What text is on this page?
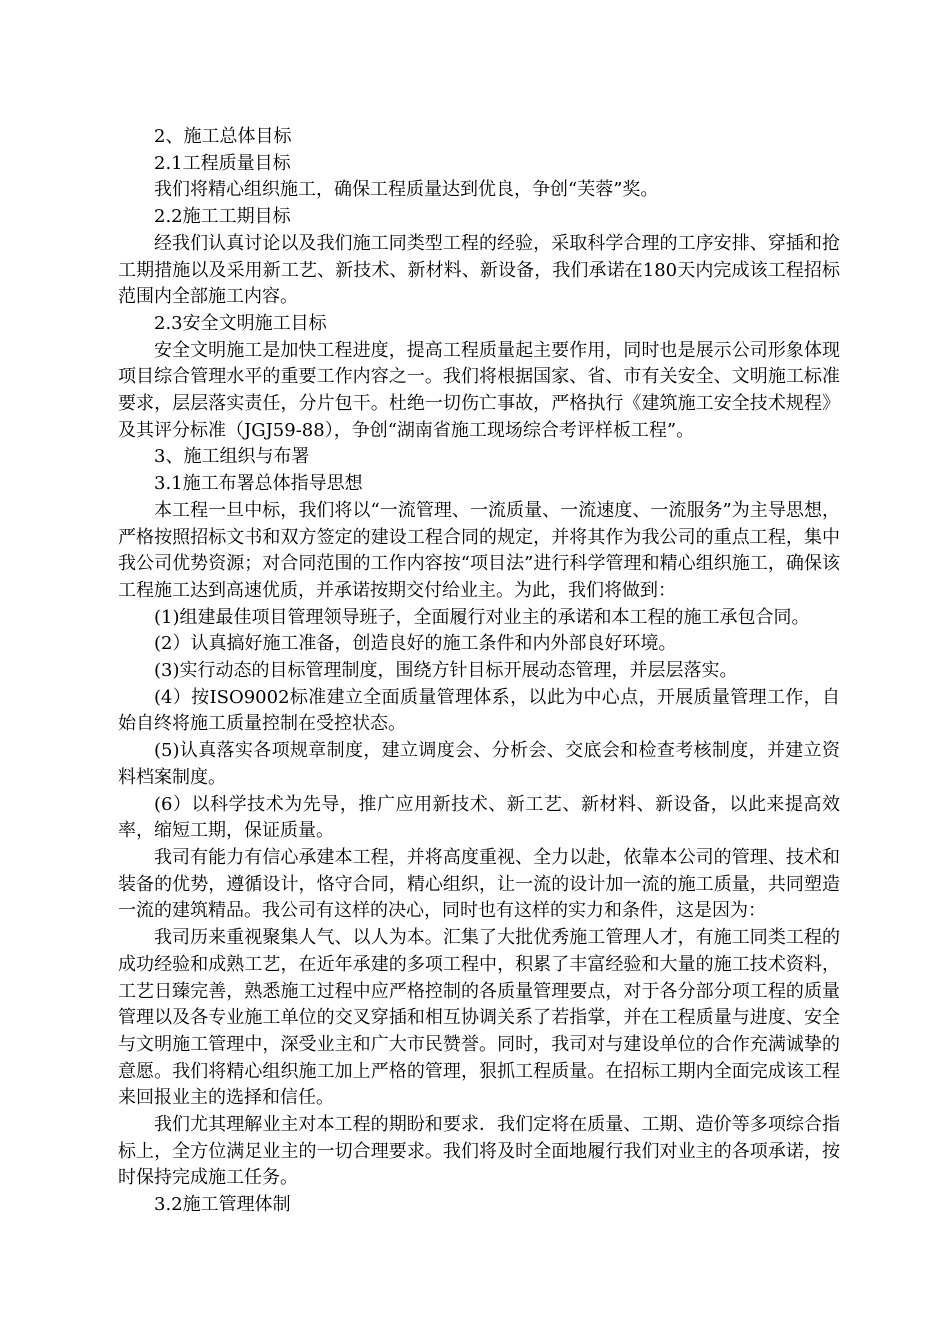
2、施工总体目标

2.1工程质量目标

我们将精心组织施工，确保工程质量达到优良，争创“芙蓉”奖。

2.2施工工期目标

经我们认真讨论以及我们施工同类型工程的经验，采取科学合理的工序安排、穿插和抢工期措施以及采用新工艺、新技术、新材料、新设备，我们承诺在180天内完成该工程招标范围内全部施工内容。

2.3安全文明施工目标

安全文明施工是加快工程进度，提高工程质量起主要作用，同时也是展示公司形象体现项目综合管理水平的重要工作内容之一。我们将根据国家、省、市有关安全、文明施工标准要求，层层落实责任，分片包干。杜绝一切伤亡事故，严格执行《建筑施工安全技术规程》及其评分标准（JGJ59-88），争创“湖南省施工现场综合考评样板工程”。

3、施工组织与布署

3.1施工布署总体指导思想

本工程一旦中标，我们将以“一流管理、一流质量、一流速度、一流服务”为主导思想，严格按照招标文书和双方签定的建设工程合同的规定，并将其作为我公司的重点工程，集中我公司优势资源；对合同范围的工作内容按“项目法”进行科学管理和精心组织施工，确保该工程施工达到高速优质，并承诺按期交付给业主。为此，我们将做到：

(1)组建最佳项目管理领导班子，全面履行对业主的承诺和本工程的施工承包合同。

(2）认真搞好施工准备，创造良好的施工条件和内外部良好环境。

(3)实行动态的目标管理制度，围绕方针目标开展动态管理，并层层落实。

(4）按ISO9002标准建立全面质量管理体系，以此为中心点，开展质量管理工作，自始自终将施工质量控制在受控状态。

(5)认真落实各项规章制度，建立调度会、分析会、交底会和检查考核制度，并建立资料档案制度。

(6）以科学技术为先导，推广应用新技术、新工艺、新材料、新设备，以此来提高效率，缩短工期，保证质量。

我司有能力有信心承建本工程，并将高度重视、全力以赴，依靠本公司的管理、技术和装备的优势，遵循设计，恪守合同，精心组织，让一流的设计加一流的施工质量，共同塑造一流的建筑精品。我公司有这样的决心，同时也有这样的实力和条件，这是因为：

我司历来重视聚集人气、以人为本。汇集了大批优秀施工管理人才，有施工同类工程的成功经验和成熟工艺，在近年承建的多项工程中，积累了丰富经验和大量的施工技术资料，工艺日臻完善，熟悉施工过程中应严格控制的各质量管理要点，对于各分部分项工程的质量管理以及各专业施工单位的交叉穿插和相互协调关系了若指掌，并在工程质量与进度、安全与文明施工管理中，深受业主和广大市民赞誉。同时，我司对与建设单位的合作充满诚挚的意愿。我们将精心组织施工加上严格的管理，狠抓工程质量。在招标工期内全面完成该工程来回报业主的选择和信任。

我们尤其理解业主对本工程的期盼和要求．我们定将在质量、工期、造价等多项综合指标上，全方位满足业主的一切合理要求。我们将及时全面地履行我们对业主的各项承诺，按时保持完成施工任务。

3.2施工管理体制
